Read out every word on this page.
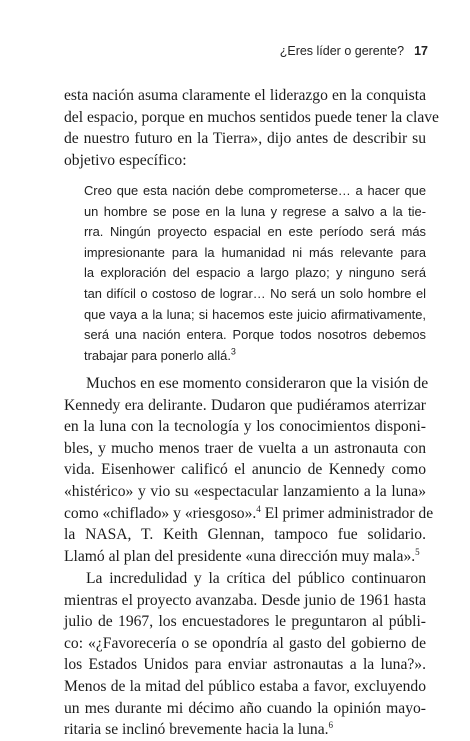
¿Eres líder o gerente? 17
esta nación asuma claramente el liderazgo en la conquista
del espacio, porque en muchos sentidos puede tener la clave
de nuestro futuro en la Tierra», dijo antes de describir su
objetivo específico:
Creo que esta nación debe comprometerse… a hacer que
un hombre se pose en la luna y regrese a salvo a la tie-
rra. Ningún proyecto espacial en este período será más
impresionante para la humanidad ni más relevante para
la exploración del espacio a largo plazo; y ninguno será
tan difícil o costoso de lograr… No será un solo hombre el
que vaya a la luna; si hacemos este juicio afirmativamente,
será una nación entera. Porque todos nosotros debemos
trabajar para ponerlo allá.$^3$
Muchos en ese momento consideraron que la visión de
Kennedy era delirante. Dudaron que pudiéramos aterrizar
en la luna con la tecnología y los conocimientos disponi-
bles, y mucho menos traer de vuelta a un astronauta con
vida. Eisenhower calificó el anuncio de Kennedy como
«histérico» y vio su «espectacular lanzamiento a la luna»
como «chiflado» y «riesgoso».$^4$ El primer administrador de
la NASA, T. Keith Glennan, tampoco fue solidario.
Llamó al plan del presidente «una dirección muy mala».$^5$
La incredulidad y la crítica del público continuaron
mientras el proyecto avanzaba. Desde junio de 1961 hasta
julio de 1967, los encuestadores le preguntaron al públi-
co: «¿Favorecería o se opondría al gasto del gobierno de
los Estados Unidos para enviar astronautas a la luna?».
Menos de la mitad del público estaba a favor, excluyendo
un mes durante mi décimo año cuando la opinión mayo-
ritaria se inclinó brevemente hacia la luna.$^6$
